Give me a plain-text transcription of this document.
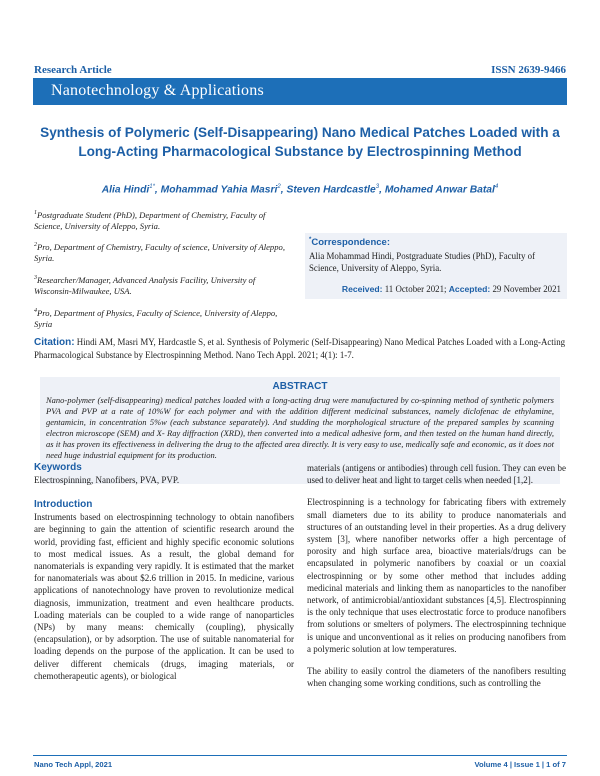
Research Article	ISSN 2639-9466
Nanotechnology & Applications
Synthesis of Polymeric (Self-Disappearing) Nano Medical Patches Loaded with a Long-Acting Pharmacological Substance by Electrospinning Method
Alia Hindi$^{1*}$, Mohammad Yahia Masri$^2$, Steven Hardcastle$^3$, Mohamed Anwar Batal$^4$
$^1$Postgraduate Student (PhD), Department of Chemistry, Faculty of Science, University of Aleppo, Syria.
$^2$Pro, Department of Chemistry, Faculty of science, University of Aleppo, Syria.
$^3$Researcher/Manager, Advanced Analysis Facility, University of Wisconsin-Milwaukee, USA.
$^4$Pro, Department of Physics, Faculty of Science, University of Aleppo, Syria
*Correspondence:
Alia Mohammad Hindi, Postgraduate Studies (PhD), Faculty of Science, University of Aleppo, Syria.
Received: 11 October 2021; Accepted: 29 November 2021
Citation: Hindi AM, Masri MY, Hardcastle S, et al. Synthesis of Polymeric (Self-Disappearing) Nano Medical Patches Loaded with a Long-Acting Pharmacological Substance by Electrospinning Method. Nano Tech Appl. 2021; 4(1): 1-7.
ABSTRACT

Nano-polymer (self-disappearing) medical patches loaded with a long-acting drug were manufactured by co-spinning method of synthetic polymers PVA and PVP at a rate of 10%W for each polymer and with the addition different medicinal substances, namely diclofenac de ethylamine, gentamicin, in concentration 5%w (each substance separately). And studding the morphological structure of the prepared samples by scanning electron microscope (SEM) and X- Ray diffraction (XRD), then converted into a medical adhesive form, and then tested on the human hand directly, as it has proven its effectiveness in delivering the drug to the affected area directly. It is very easy to use, medically safe and economic, as it does not need huge industrial equipment for its production.

Keywords

Electrospinning, Nanofibers, PVA, PVP.

Introduction

Instruments based on electrospinning technology to obtain nanofibers are beginning to gain the attention of scientific research around the world, providing fast, efficient and highly specific economic solutions to most medical issues. As a result, the global demand for nanomaterials is expanding very rapidly. It is estimated that the market for nanomaterials was about $2.6 trillion in 2015. In medicine, various applications of nanotechnology have proven to revolutionize medical diagnosis, immunization, treatment and even healthcare products. Loading materials can be coupled to a wide range of nanoparticles (NPs) by many means: chemically (coupling), physically (encapsulation), or by adsorption. The use of suitable nanomaterial for loading depends on the purpose of the application. It can be used to deliver different chemicals (drugs, imaging materials, or chemotherapeutic agents), or biological

materials (antigens or antibodies) through cell fusion. They can even be used to deliver heat and light to target cells when needed [1,2].

Electrospinning is a technology for fabricating fibers with extremely small diameters due to its ability to produce nanomaterials and structures of an outstanding level in their properties. As a drug delivery system [3], where nanofiber networks offer a high percentage of porosity and high surface area, bioactive materials/drugs can be encapsulated in polymeric nanofibers by coaxial or un coaxial electrospinning or by some other method that includes adding medicinal materials and linking them as nanoparticles to the nanofiber network, of antimicrobial/antioxidant substances [4,5]. Electrospinning is the only technique that uses electrostatic force to produce nanofibers from solutions or smelters of polymers. The electrospinning technique is unique and unconventional as it relies on producing nanofibers from a polymeric solution at low temperatures.

The ability to easily control the diameters of the nanofibers resulting when changing some working conditions, such as controlling the

Nano Tech Appl, 2021	Volume 4 | Issue 1 | 1 of 7
